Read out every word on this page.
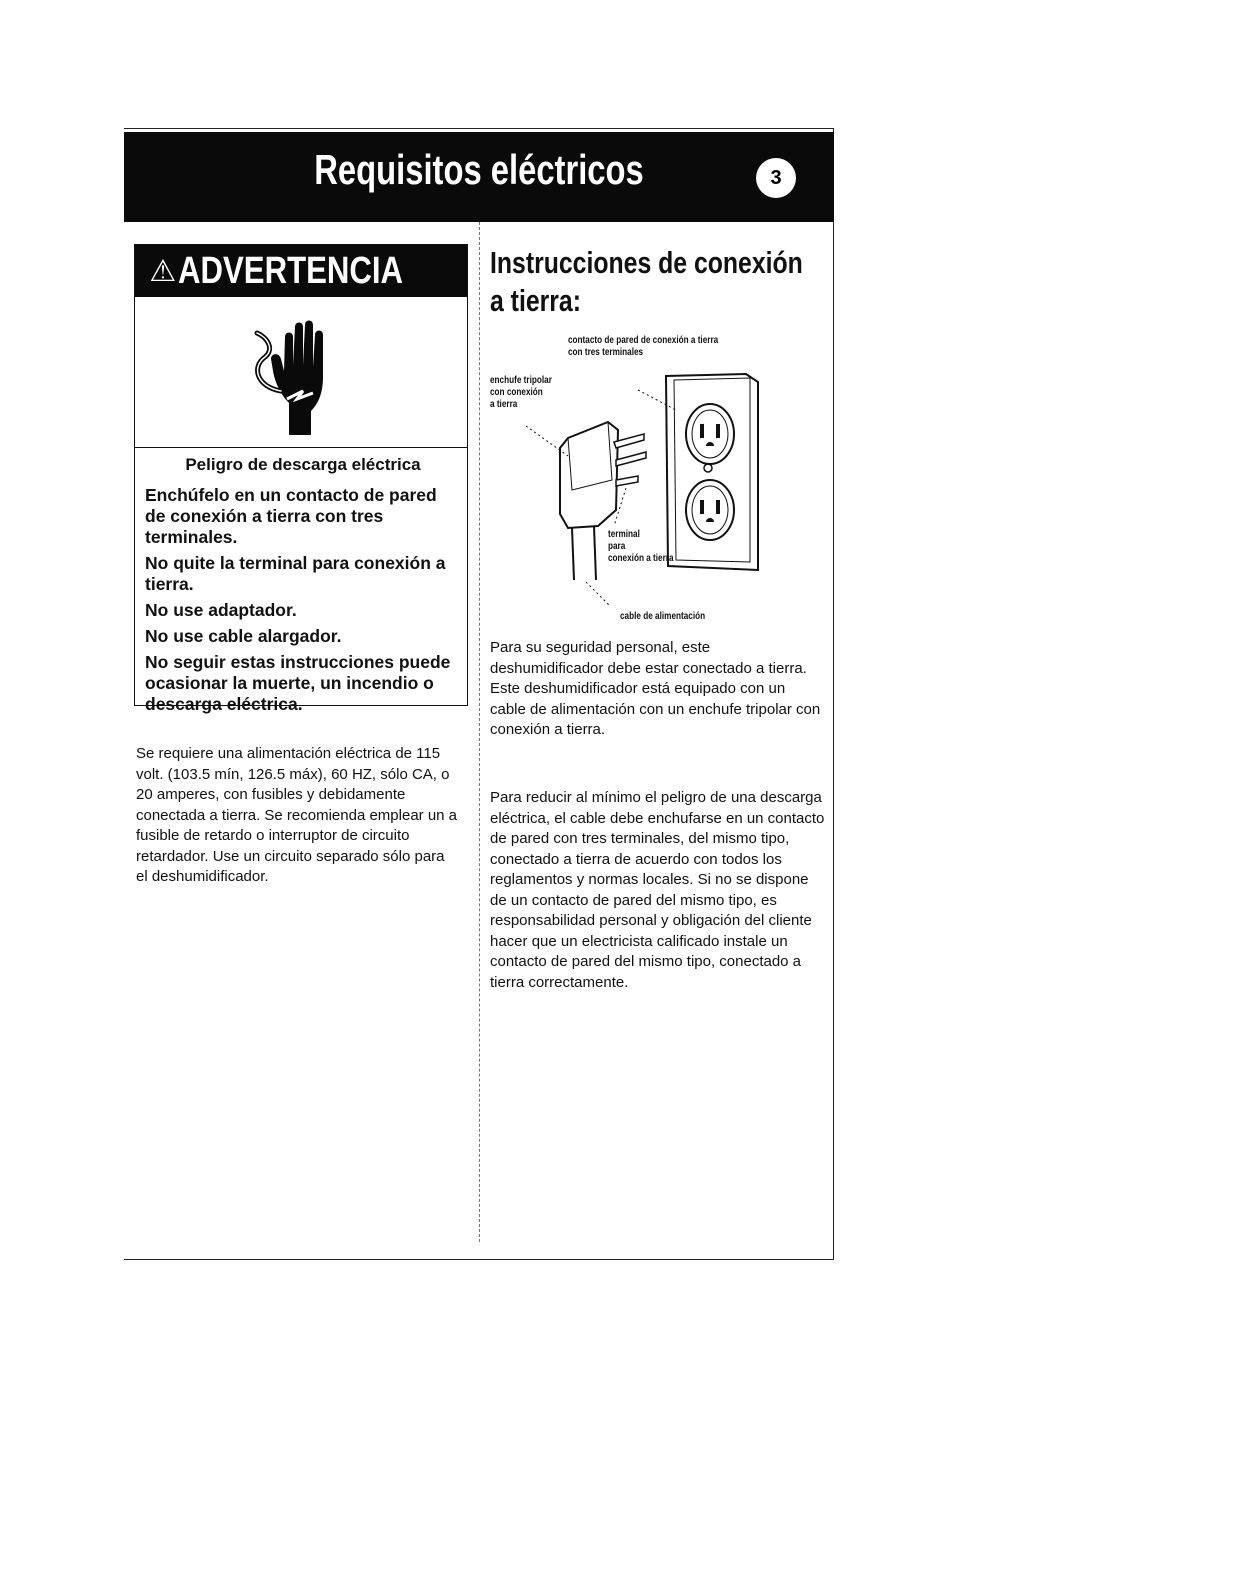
Requisitos eléctricos	3
⚠ADVERTENCIA

Peligro de descarga eléctrica

Enchúfelo en un contacto de pared de conexión a tierra con tres terminales.

No quite la terminal para conexión a tierra.

No use adaptador.

No use cable alargador.

No seguir estas instrucciones puede ocasionar la muerte, un incendio o descarga eléctrica.

Se requiere una alimentación eléctrica de 115 volt. (103.5 mín, 126.5 máx), 60 HZ, sólo CA, o 20 amperes, con fusibles y debidamente conectada a tierra. Se recomienda emplear un a fusible de retardo o interruptor de circuito retardador. Use un circuito separado sólo para el deshumidificador.

Instrucciones de conexión
a tierra:
contacto de pared de conexión a tierra
con tres terminales
enchufe tripolar
con conexión
a tierra
terminal
para
conexión a tierra
cable de alimentación

Para su seguridad personal, este deshumidificador debe estar conectado a tierra. Este deshumidificador está equipado con un cable de alimentación con un enchufe tripolar con conexión a tierra.

Para reducir al mínimo el peligro de una descarga eléctrica, el cable debe enchufarse en un contacto de pared con tres terminales, del mismo tipo, conectado a tierra de acuerdo con todos los reglamentos y normas locales. Si no se dispone de un contacto de pared del mismo tipo, es responsabilidad personal y obligación del cliente hacer que un electricista calificado instale un contacto de pared del mismo tipo, conectado a tierra correctamente.
